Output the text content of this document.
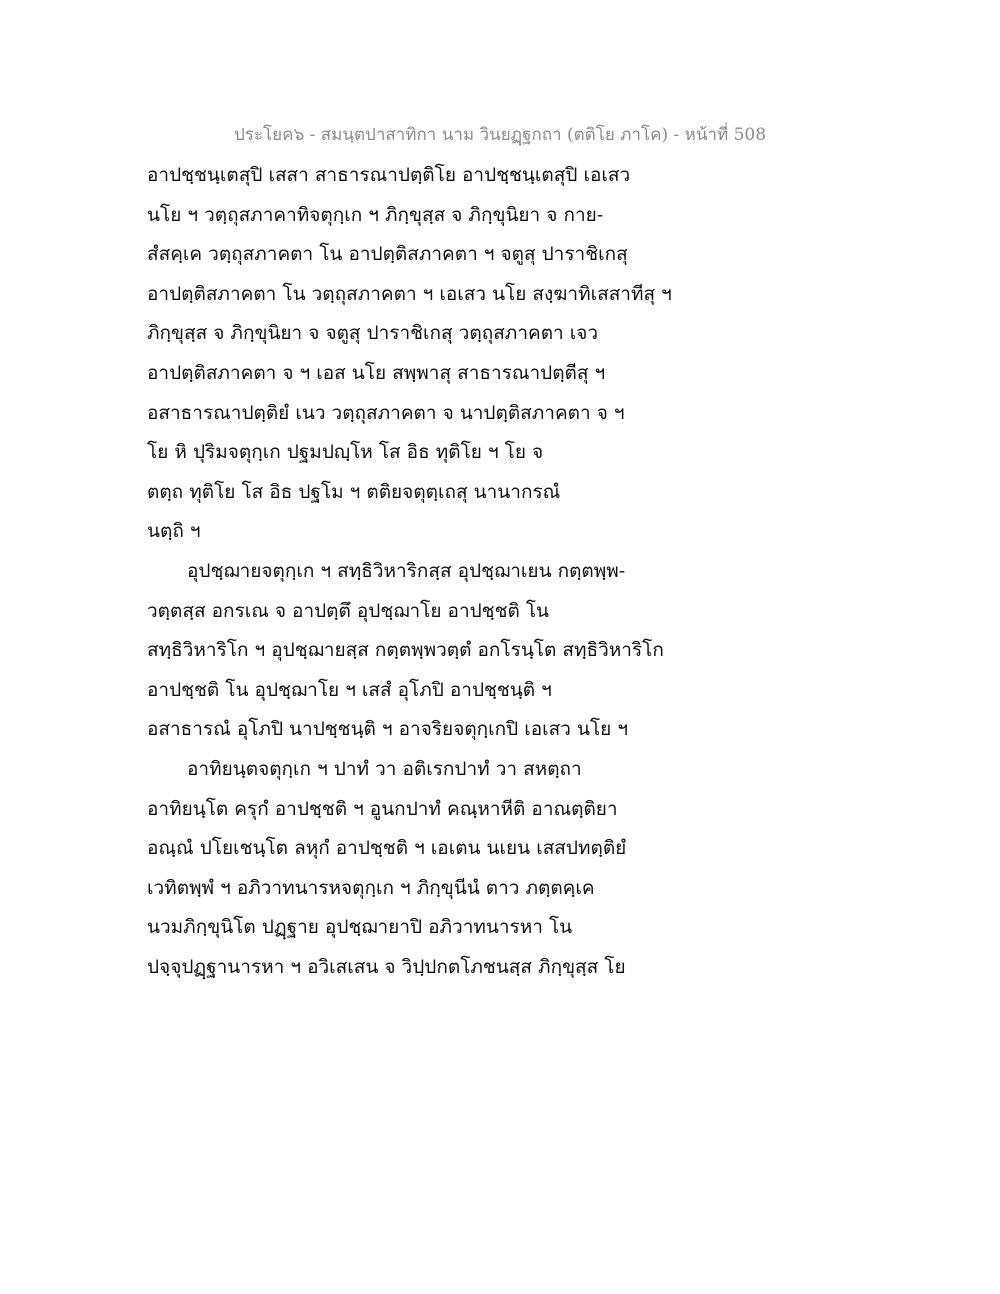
ประโยค๖ - สมนฺตปาสาทิกา นาม วินยฏฺฐกถา (ตติโย ภาโค) - หน้าที่ 508
อาปชฺชนฺเตสุปิ เสสา สาธารณาปตฺติโย อาปชฺชนฺเตสุปิ เอเสว
นโย ฯ วตฺถุสภาคาทิจตุกฺเก ฯ ภิกฺขุสฺส จ ภิกฺขุนิยา จ กาย-
สํสคฺเค วตฺถุสภาคตา โน อาปตฺติสภาคตา ฯ จตูสุ ปาราชิเกสุ
อาปตฺติสภาคตา โน วตฺถุสภาคตา ฯ เอเสว นโย สงฺฆาทิเสสาทีสุ ฯ
ภิกฺขุสฺส จ ภิกฺขุนิยา จ จตูสุ ปาราชิเกสุ วตฺถุสภาคตา เจว
อาปตฺติสภาคตา จ ฯ เอส นโย สพฺพาสุ สาธารณาปตฺตีสุ ฯ
อสาธารณาปตฺติยํ เนว วตฺถุสภาคตา จ นาปตฺติสภาคตา จ ฯ
โย หิ ปุริมจตุกฺเก ปฐมปญฺโห โส อิธ ทุติโย ฯ โย จ
ตตฺถ ทุติโย โส อิธ ปฐโม ฯ ตติยจตุตฺเถสุ นานากรณํ
นตฺถิ ฯ
อุปชฺฌายจตุกฺเก ฯ สทฺธิวิหาริกสฺส อุปชฺฌาเยน กตฺตพฺพ-
วตฺตสฺส อกรเณ จ อาปตฺตึ อุปชฺฌาโย อาปชฺชติ โน
สทฺธิวิหาริโก ฯ อุปชฺฌายสฺส กตฺตพฺพวตฺตํ อกโรนฺโต สทฺธิวิหาริโก
อาปชฺชติ โน อุปชฺฌาโย ฯ เสสํ อุโภปิ อาปชฺชนฺติ ฯ
อสาธารณํ อุโภปิ นาปชฺชนฺติ ฯ อาจริยจตุกฺเกปิ เอเสว นโย ฯ
อาทิยนฺตจตุกฺเก ฯ ปาทํ วา อติเรกปาทํ วา สหตฺถา
อาทิยนฺโต ครุกํ อาปชฺชติ ฯ อูนกปาทํ คณฺหาหีติ อาณตฺติยา
อณฺณํ ปโยเชนฺโต ลหุกํ อาปชฺชติ ฯ เอเตน นเยน เสสปทตฺติยํ
เวทิตพฺพํ ฯ อภิวาทนารหจตุกฺเก ฯ ภิกฺขุนีนํ ตาว ภตฺตคฺเค
นวมภิกฺขุนิโต ปฏฺฐาย อุปชฺฌายาปิ อภิวาทนารหา โน
ปจฺจุปฏฺฐานารหา ฯ อวิเสเสน จ วิปฺปกตโภชนสฺส ภิกฺขุสฺส โย
